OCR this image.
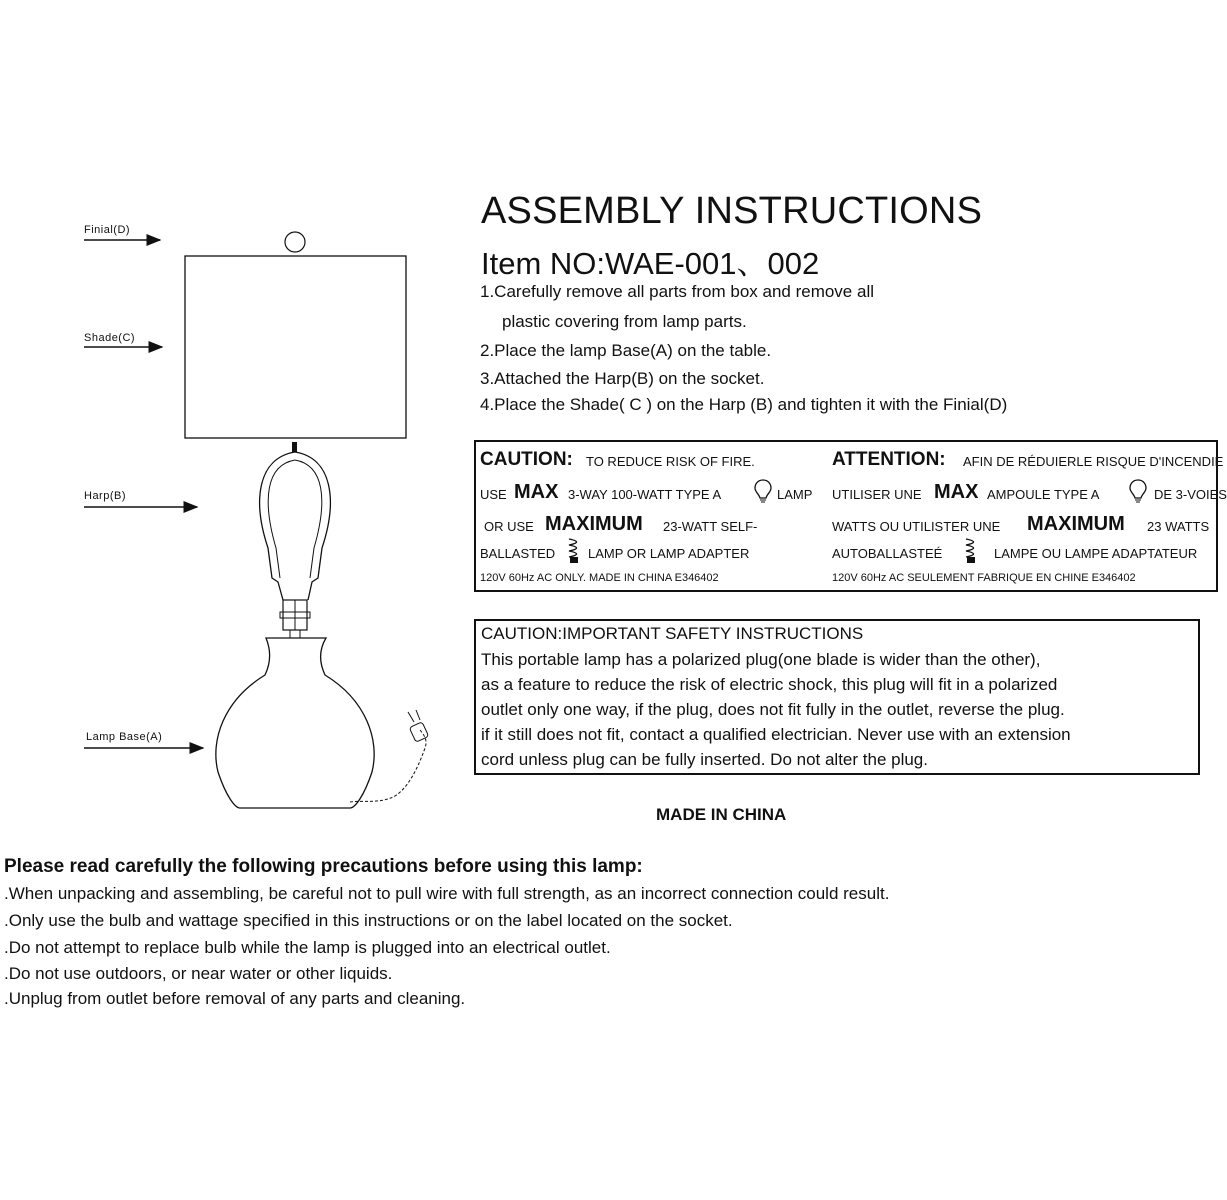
Finial(D)
Shade(C)
Harp(B)
Lamp Base(A)
ASSEMBLY INSTRUCTIONS
Item NO:WAE-001、002
1.Carefully remove all parts from box and remove all
plastic covering from lamp parts.
2.Place the lamp Base(A) on the table.
3.Attached the Harp(B) on the socket.
4.Place the Shade( C ) on the Harp (B) and tighten it with the Finial(D)
CAUTION: TO REDUCE RISK OF FIRE.
USE MAX 3-WAY 100-WATT TYPE A	LAMP
OR USE MAXIMUM 23-WATT SELF-
BALLASTED	LAMP OR LAMP ADAPTER
120V 60Hz AC ONLY. MADE IN CHINA E346402
ATTENTION: AFIN DE RÉDUIERLE RISQUE D'INCENDIE
UTILISER UNE MAX AMPOULE TYPE A	DE 3-VOIES
WATTS OU UTILISTER UNE MAXIMUM 23 WATTS
AUTOBALLASTEÉ	LAMPE OU LAMPE ADAPTATEUR
120V 60Hz AC SEULEMENT FABRIQUE EN CHINE E346402
CAUTION:IMPORTANT SAFETY INSTRUCTIONS
This portable lamp has a polarized plug(one blade is wider than the other),
as a feature to reduce the risk of electric shock, this plug will fit in a polarized
outlet only one way, if the plug, does not fit fully in the outlet, reverse the plug.
if it still does not fit, contact a qualified electrician. Never use with an extension
cord unless plug can be fully inserted. Do not alter the plug.
MADE IN CHINA
Please read carefully the following precautions before using this lamp:
.When unpacking and assembling, be careful not to pull wire with full strength, as an incorrect connection could result.
.Only use the bulb and wattage specified in this instructions or on the label located on the socket.
.Do not attempt to replace bulb while the lamp is plugged into an electrical outlet.
.Do not use outdoors, or near water or other liquids.
.Unplug from outlet before removal of any parts and cleaning.
